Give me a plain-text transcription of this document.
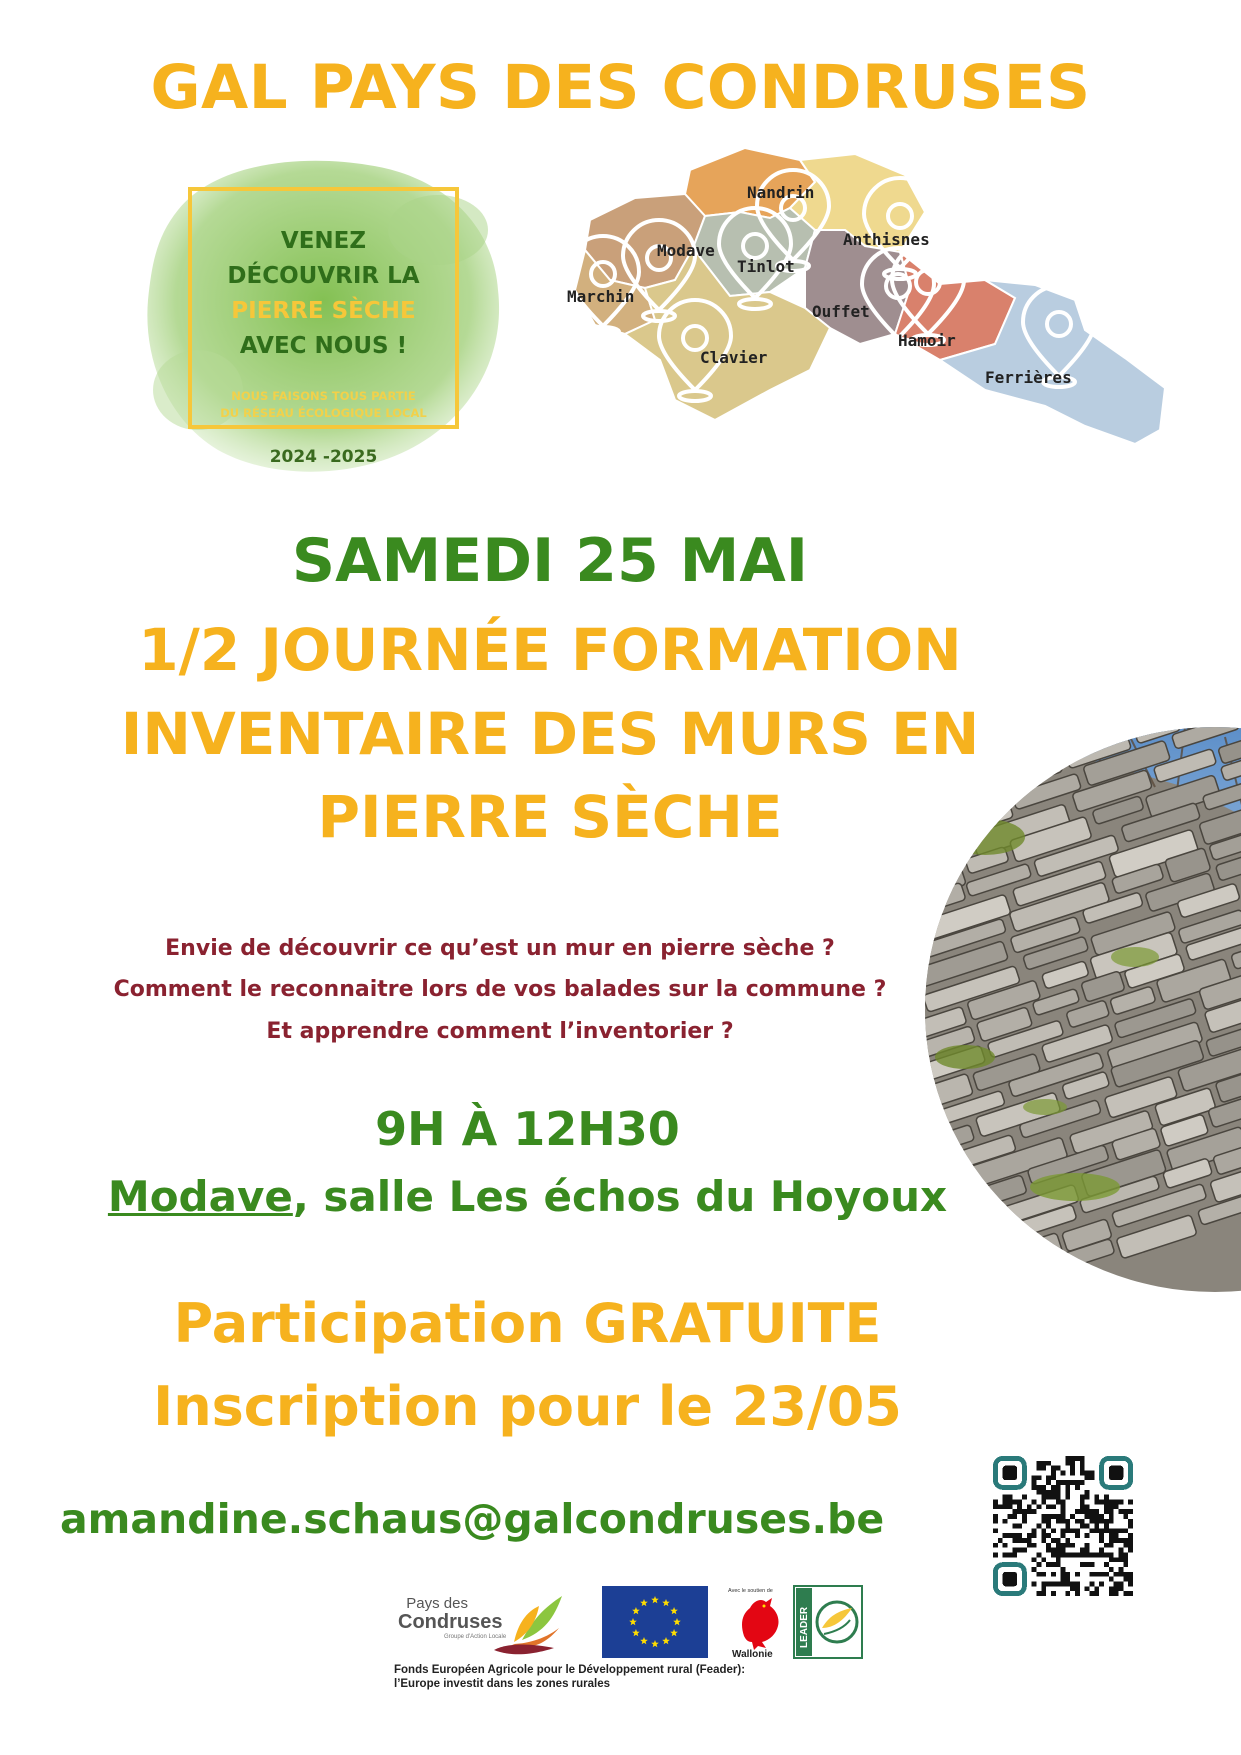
GAL PAYS DES CONDRUSES
VENEZ
DÉCOUVRIR LA
PIERRE SÈCHE
AVEC NOUS !
NOUS FAISONS TOUS PARTIE
DU RÉSEAU ÉCOLOGIQUE LOCAL
2024 -2025
Nandrin
Modave
Tinlot
Anthisnes
Marchin
Ouffet
Hamoir
Clavier
Ferrières
SAMEDI 25 MAI
1/2 JOURNÉE FORMATION
INVENTAIRE DES MURS EN
PIERRE SÈCHE
Envie de découvrir ce qu’est un mur en pierre sèche ?
Comment le reconnaitre lors de vos balades sur la commune ?
Et apprendre comment l’inventorier ?
9H À 12H30
Modave, salle Les échos du Hoyoux
Participation GRATUITE
Inscription pour le 23/05
amandine.schaus@galcondruses.be
Pays des
Condruses
Groupe d'Action Locale
Avec le soutien de
Wallonie
LEADER
Fonds Européen Agricole pour le Développement rural (Feader):
l’Europe investit dans les zones rurales
